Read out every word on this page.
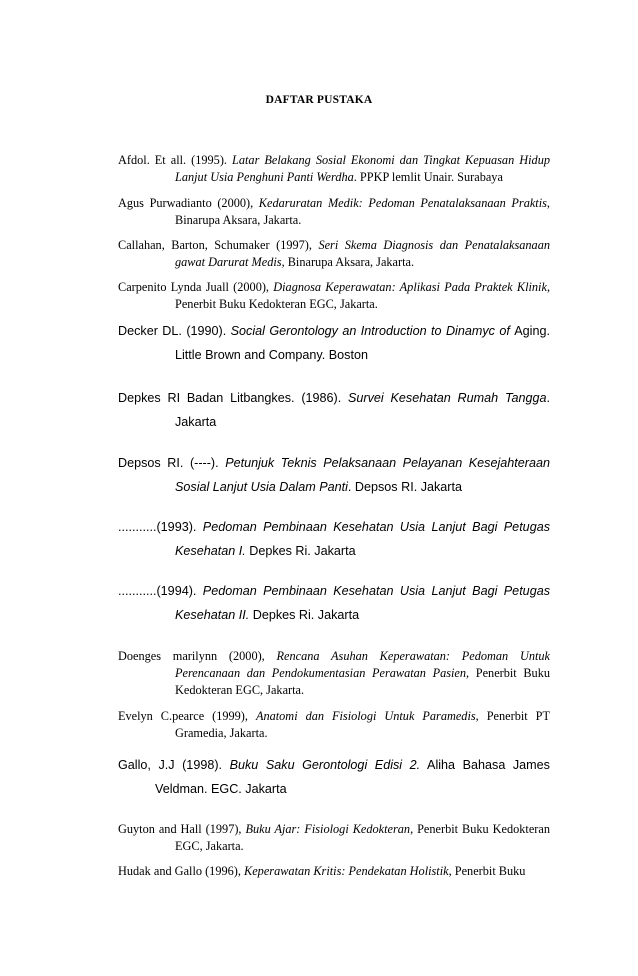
DAFTAR PUSTAKA

Afdol. Et all. (1995). Latar Belakang Sosial Ekonomi dan Tingkat Kepuasan Hidup Lanjut Usia Penghuni Panti Werdha. PPKP lemlit Unair. Surabaya

Agus Purwadianto (2000), Kedaruratan Medik: Pedoman Penatalaksanaan Praktis, Binarupa Aksara, Jakarta.

Callahan, Barton, Schumaker (1997), Seri Skema Diagnosis dan Penatalaksanaan gawat Darurat Medis, Binarupa Aksara, Jakarta.

Carpenito Lynda Juall (2000), Diagnosa Keperawatan: Aplikasi Pada Praktek Klinik, Penerbit Buku Kedokteran EGC, Jakarta.

Decker DL. (1990). Social Gerontology an Introduction to Dinamyc of Aging. Little Brown and Company. Boston

Depkes RI Badan Litbangkes. (1986). Survei Kesehatan Rumah Tangga. Jakarta

Depsos RI. (----). Petunjuk Teknis Pelaksanaan Pelayanan Kesejahteraan Sosial Lanjut Usia Dalam Panti. Depsos RI. Jakarta

...........(1993). Pedoman Pembinaan Kesehatan Usia Lanjut Bagi Petugas Kesehatan I. Depkes Ri. Jakarta

...........(1994). Pedoman Pembinaan Kesehatan Usia Lanjut Bagi Petugas Kesehatan II. Depkes Ri. Jakarta

Doenges marilynn (2000), Rencana Asuhan Keperawatan: Pedoman Untuk Perencanaan dan Pendokumentasian Perawatan Pasien, Penerbit Buku Kedokteran EGC, Jakarta.

Evelyn C.pearce (1999), Anatomi dan Fisiologi Untuk Paramedis, Penerbit PT Gramedia, Jakarta.

Gallo, J.J (1998). Buku Saku Gerontologi Edisi 2. Aliha Bahasa James Veldman. EGC. Jakarta

Guyton and Hall (1997), Buku Ajar: Fisiologi Kedokteran, Penerbit Buku Kedokteran EGC, Jakarta.

Hudak and Gallo (1996), Keperawatan Kritis: Pendekatan Holistik, Penerbit Buku
